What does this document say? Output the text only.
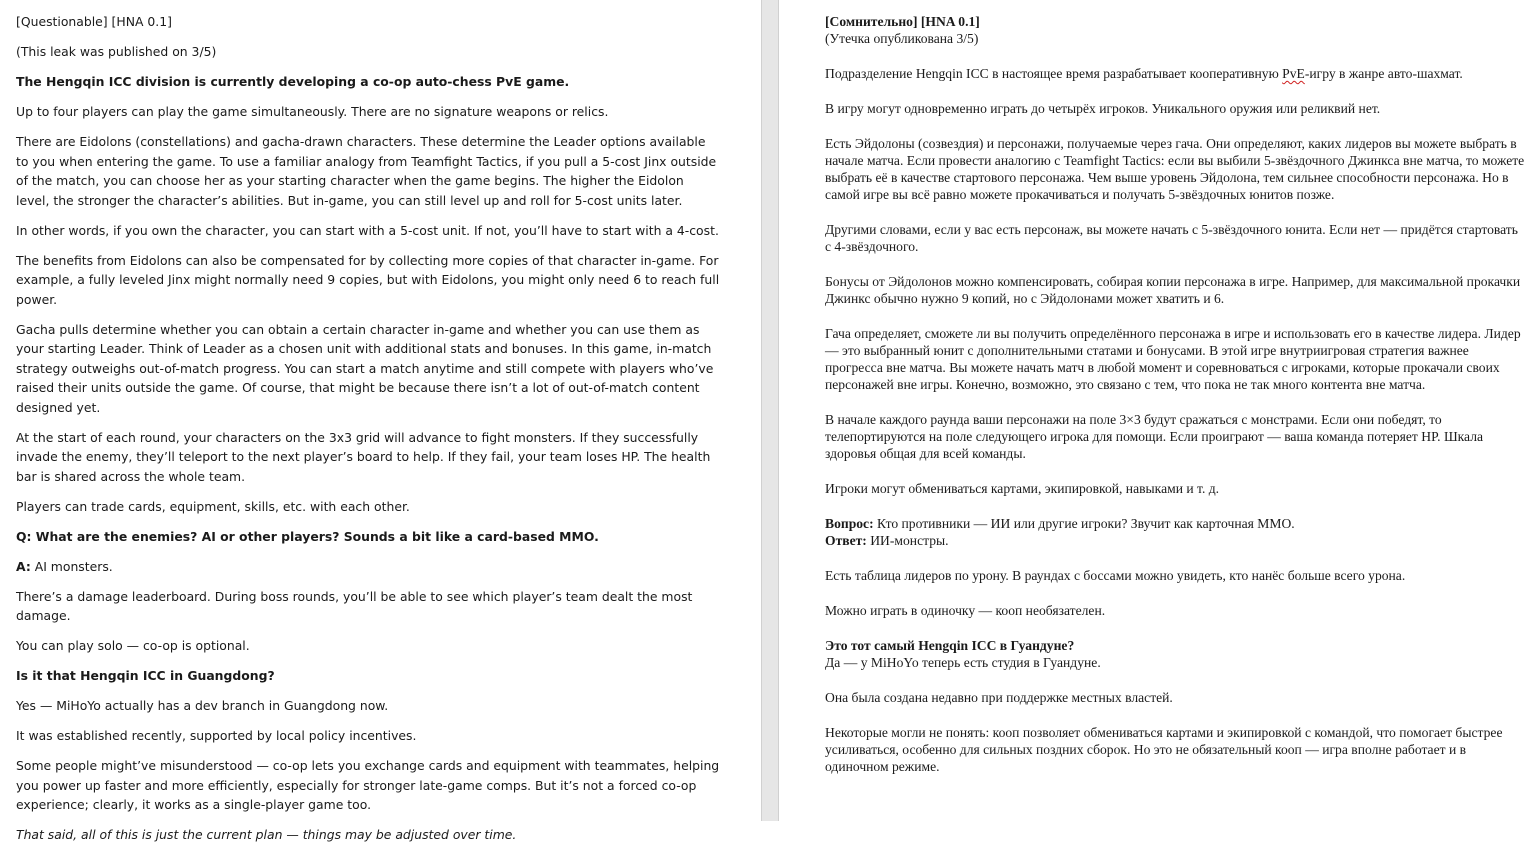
[Questionable] [HNA 0.1]

(This leak was published on 3/5)

The Hengqin ICC division is currently developing a co-op auto-chess PvE game.

Up to four players can play the game simultaneously. There are no signature weapons or relics.

There are Eidolons (constellations) and gacha-drawn characters. These determine the Leader options available to you when entering the game. To use a familiar analogy from Teamfight Tactics, if you pull a 5-cost Jinx outside of the match, you can choose her as your starting character when the game begins. The higher the Eidolon level, the stronger the character’s abilities. But in-game, you can still level up and roll for 5-cost units later.

In other words, if you own the character, you can start with a 5-cost unit. If not, you’ll have to start with a 4-cost.

The benefits from Eidolons can also be compensated for by collecting more copies of that character in-game. For example, a fully leveled Jinx might normally need 9 copies, but with Eidolons, you might only need 6 to reach full power.

Gacha pulls determine whether you can obtain a certain character in-game and whether you can use them as your starting Leader. Think of Leader as a chosen unit with additional stats and bonuses. In this game, in-match strategy outweighs out-of-match progress. You can start a match anytime and still compete with players who’ve raised their units outside the game. Of course, that might be because there isn’t a lot of out-of-match content designed yet.

At the start of each round, your characters on the 3x3 grid will advance to fight monsters. If they successfully invade the enemy, they’ll teleport to the next player’s board to help. If they fail, your team loses HP. The health bar is shared across the whole team.

Players can trade cards, equipment, skills, etc. with each other.

Q: What are the enemies? AI or other players? Sounds a bit like a card-based MMO.

A: AI monsters.

There’s a damage leaderboard. During boss rounds, you’ll be able to see which player’s team dealt the most damage.

You can play solo — co-op is optional.

Is it that Hengqin ICC in Guangdong?

Yes — MiHoYo actually has a dev branch in Guangdong now.

It was established recently, supported by local policy incentives.

Some people might’ve misunderstood — co-op lets you exchange cards and equipment with teammates, helping you power up faster and more efficiently, especially for stronger late-game comps. But it’s not a forced co-op experience; clearly, it works as a single-player game too.

That said, all of this is just the current plan — things may be adjusted over time.

[Сомнительно] [HNA 0.1]
(Утечка опубликована 3/5)

Подразделение Hengqin ICC в настоящее время разрабатывает кооперативную PvE-игру в жанре авто-шахмат.

В игру могут одновременно играть до четырёх игроков. Уникального оружия или реликвий нет.

Есть Эйдолоны (созвездия) и персонажи, получаемые через гача. Они определяют, каких лидеров вы можете выбрать в начале матча. Если провести аналогию с Teamfight Tactics: если вы выбили 5-звёздочного Джинкса вне матча, то можете выбрать её в качестве стартового персонажа. Чем выше уровень Эйдолона, тем сильнее способности персонажа. Но в самой игре вы всё равно можете прокачиваться и получать 5-звёздочных юнитов позже.

Другими словами, если у вас есть персонаж, вы можете начать с 5-звёздочного юнита. Если нет — придётся стартовать с 4-звёздочного.

Бонусы от Эйдолонов можно компенсировать, собирая копии персонажа в игре. Например, для максимальной прокачки Джинкс обычно нужно 9 копий, но с Эйдолонами может хватить и 6.

Гача определяет, сможете ли вы получить определённого персонажа в игре и использовать его в качестве лидера. Лидер — это выбранный юнит с дополнительными статами и бонусами. В этой игре внутриигровая стратегия важнее прогресса вне матча. Вы можете начать матч в любой момент и соревноваться с игроками, которые прокачали своих персонажей вне игры. Конечно, возможно, это связано с тем, что пока не так много контента вне матча.

В начале каждого раунда ваши персонажи на поле 3×3 будут сражаться с монстрами. Если они победят, то телепортируются на поле следующего игрока для помощи. Если проиграют — ваша команда потеряет HP. Шкала здоровья общая для всей команды.

Игроки могут обмениваться картами, экипировкой, навыками и т. д.

Вопрос: Кто противники — ИИ или другие игроки? Звучит как карточная MMO.
Ответ: ИИ-монстры.

Есть таблица лидеров по урону. В раундах с боссами можно увидеть, кто нанёс больше всего урона.

Можно играть в одиночку — кооп необязателен.

Это тот самый Hengqin ICC в Гуандуне?
Да — у MiHoYo теперь есть студия в Гуандуне.

Она была создана недавно при поддержке местных властей.

Некоторые могли не понять: кооп позволяет обмениваться картами и экипировкой с командой, что помогает быстрее усиливаться, особенно для сильных поздних сборок. Но это не обязательный кооп — игра вполне работает и в одиночном режиме.
